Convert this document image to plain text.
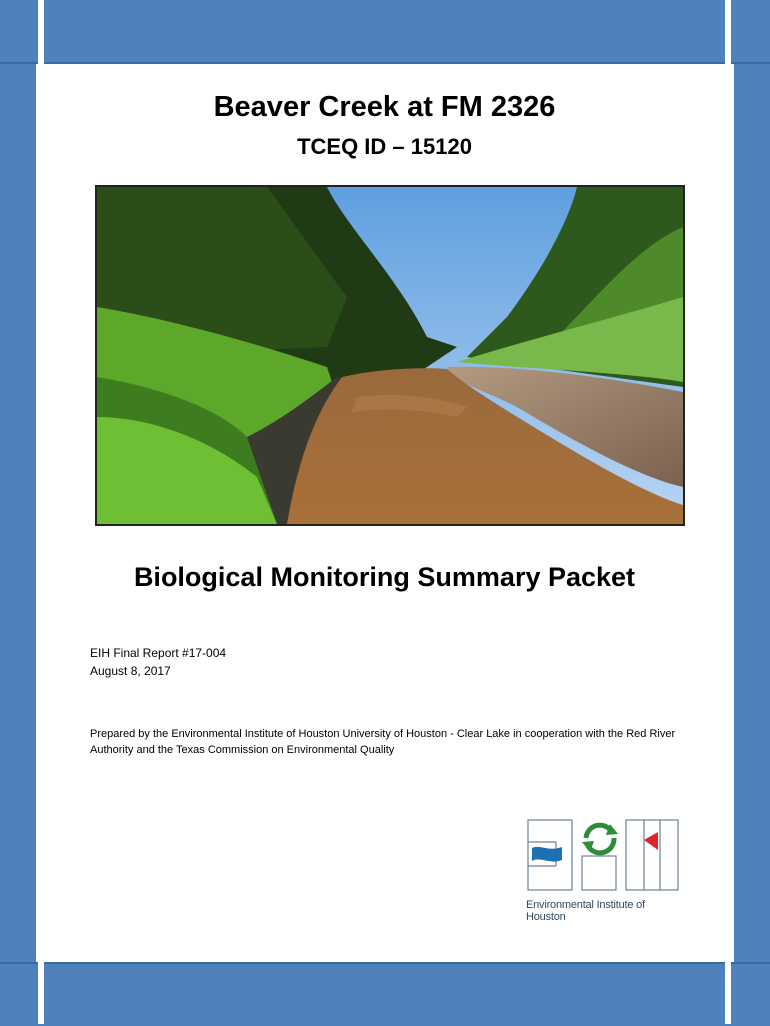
Beaver Creek at FM 2326
TCEQ ID – 15120
Biological Monitoring Summary Packet
EIH Final Report #17-004
August 8, 2017
Prepared by the Environmental Institute of Houston University of Houston - Clear Lake in cooperation with the Red River Authority and the Texas Commission on Environmental Quality
Environmental Institute of Houston
